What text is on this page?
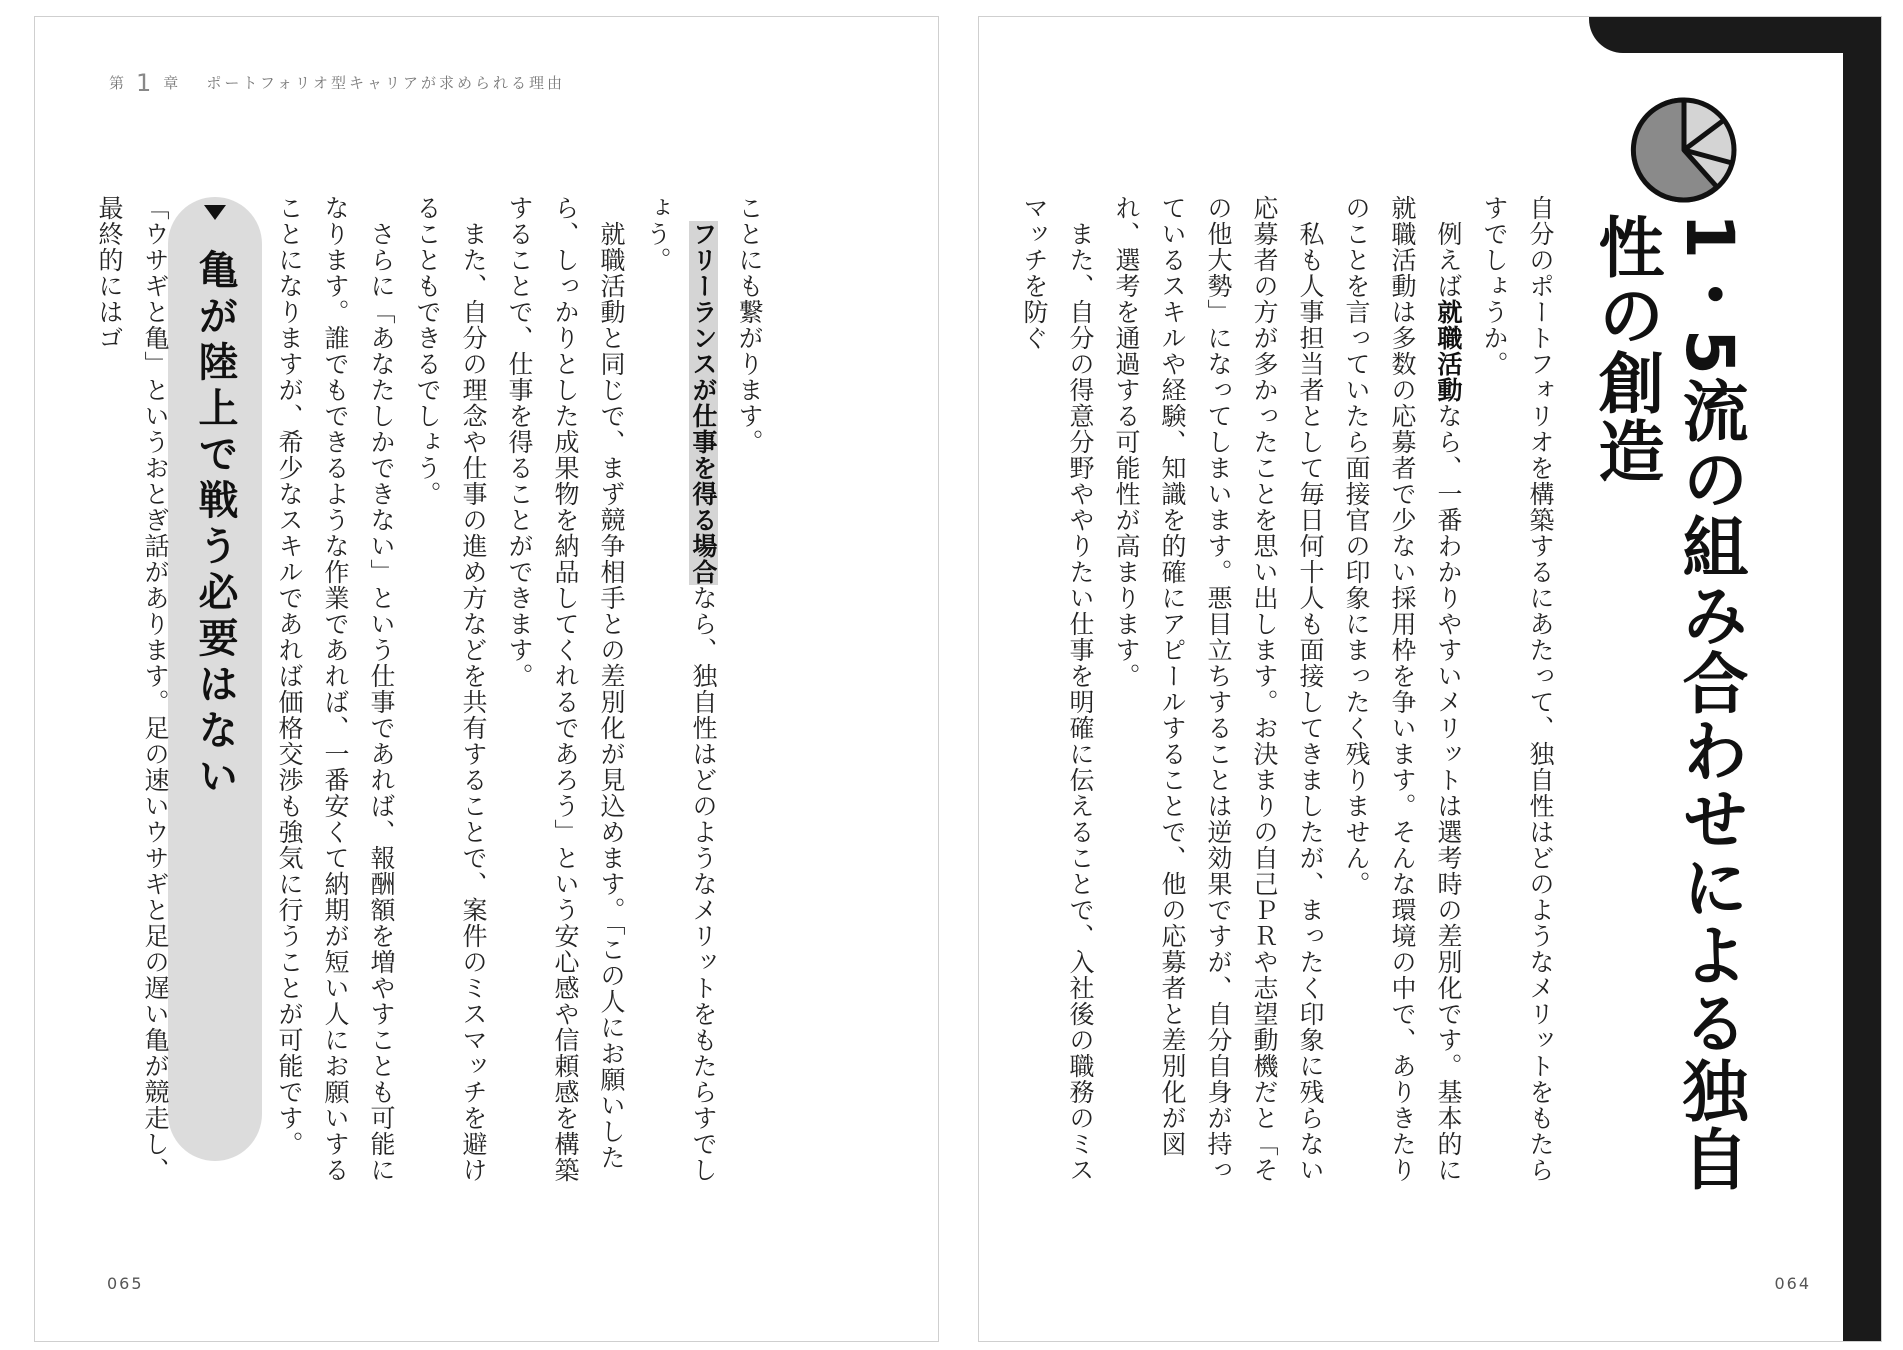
第 1 章 ポートフォリオ型キャリアが求められる理由

ことにも繋がります。

　フリーランスが仕事を得る場合なら、独自性はどのようなメリットをもたらすでしょう。

　就職活動と同じで、まず競争相手との差別化が見込めます。「この人にお願いしたら、しっかりとした成果物を納品してくれるであろう」という安心感や信頼感を構築することで、仕事を得ることができます。

　また、自分の理念や仕事の進め方などを共有することで、案件のミスマッチを避けることもできるでしょう。

　さらに「あなたしかできない」という仕事であれば、報酬額を増やすことも可能になります。誰でもできるような作業であれば、一番安くて納期が短い人にお願いすることになりますが、希少なスキルであれば価格交渉も強気に行うことが可能です。

亀が陸上で戦う必要はない

「ウサギと亀」というおとぎ話があります。足の速いウサギと足の遅い亀が競走し、最終的にはゴ

065
1・5流の組み合わせによる独自性の創造

自分のポートフォリオを構築するにあたって、独自性はどのようなメリットをもたらすでしょうか。

　例えば就職活動なら、一番わかりやすいメリットは選考時の差別化です。基本的に就職活動は多数の応募者で少ない採用枠を争います。そんな環境の中で、ありきたりのことを言っていたら面接官の印象にまったく残りません。

　私も人事担当者として毎日何十人も面接してきましたが、まったく印象に残らない応募者の方が多かったことを思い出します。お決まりの自己ＰＲや志望動機だと「その他大勢」になってしまいます。悪目立ちすることは逆効果ですが、自分自身が持っているスキルや経験、知識を的確にアピールすることで、他の応募者と差別化が図れ、選考を通過する可能性が高まります。

　また、自分の得意分野ややりたい仕事を明確に伝えることで、入社後の職務のミスマッチを防ぐ

064
